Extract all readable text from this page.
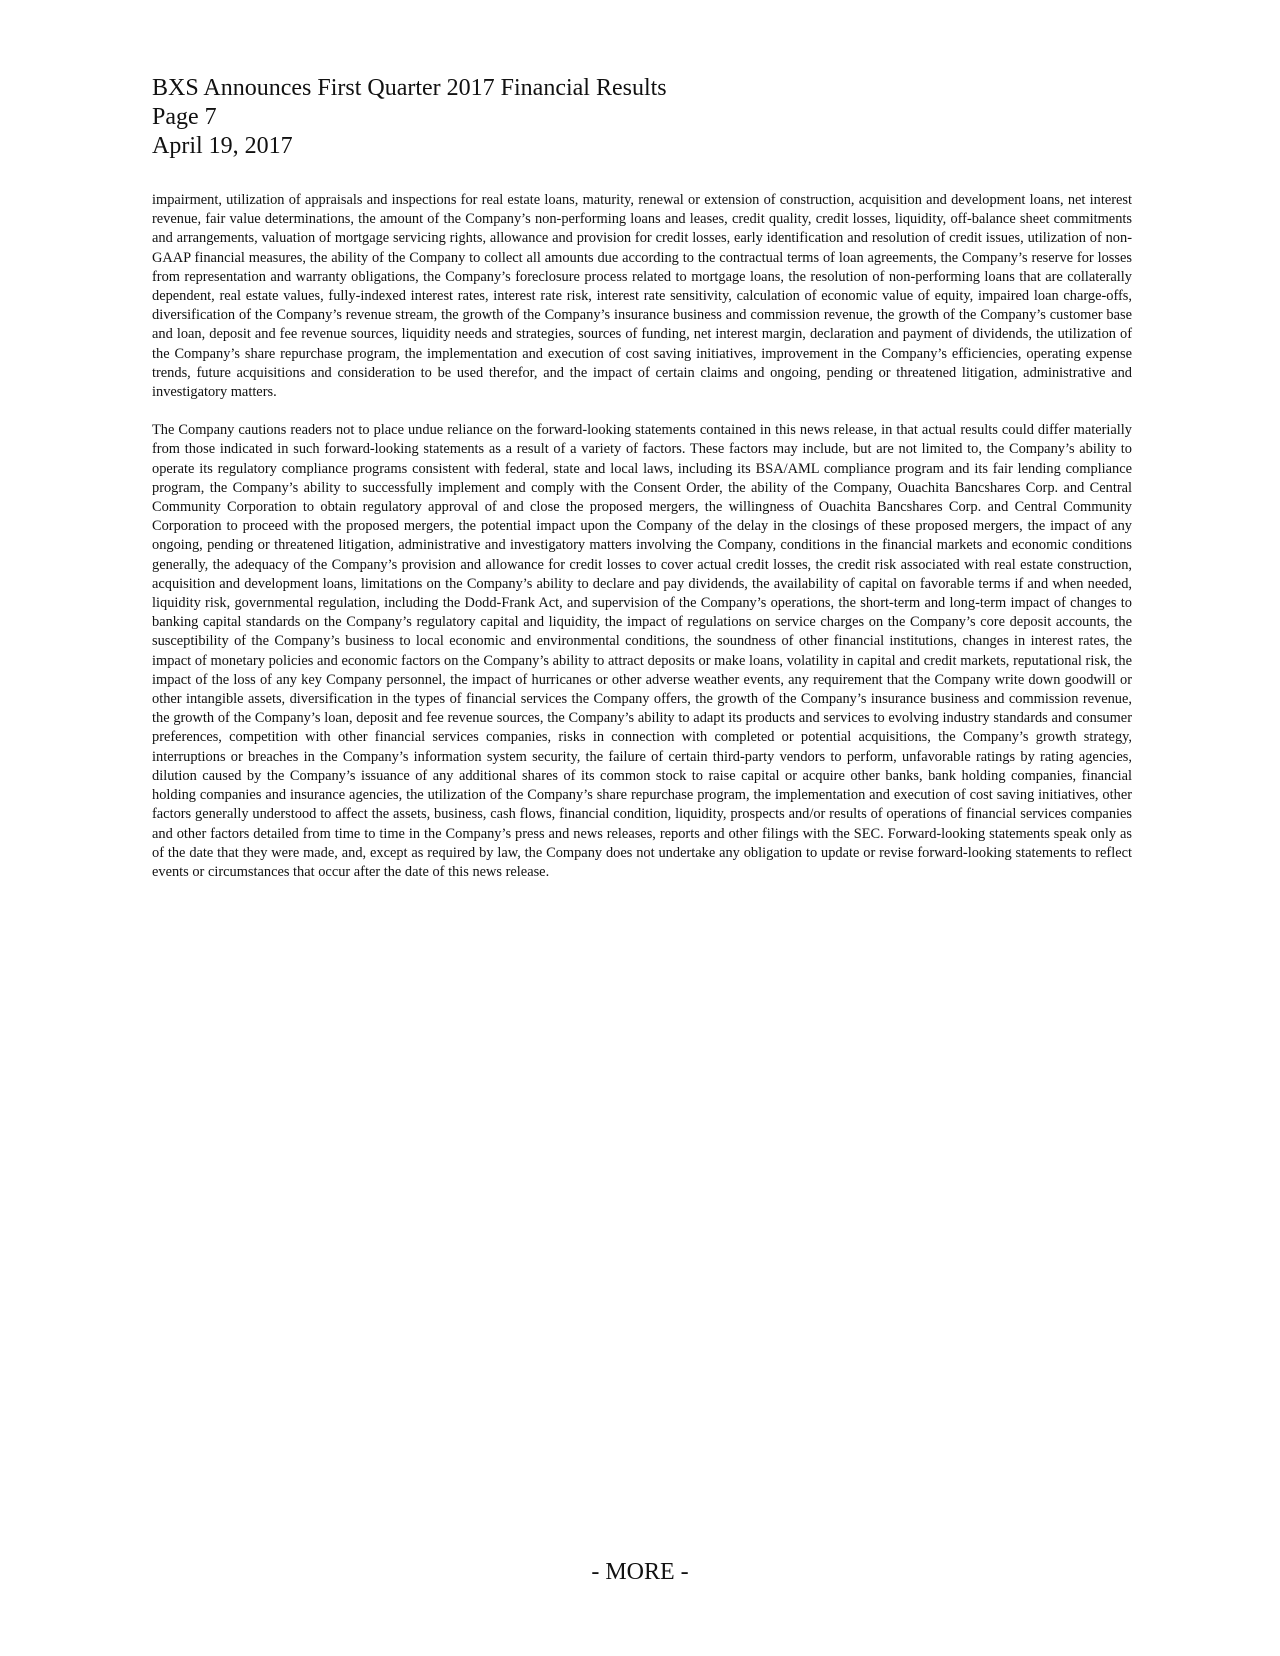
BXS Announces First Quarter 2017 Financial Results

Page 7

April 19, 2017

impairment, utilization of appraisals and inspections for real estate loans, maturity, renewal or extension of construction, acquisition and development loans, net interest revenue, fair value determinations, the amount of the Company’s non-performing loans and leases, credit quality, credit losses, liquidity, off-balance sheet commitments and arrangements, valuation of mortgage servicing rights, allowance and provision for credit losses, early identification and resolution of credit issues, utilization of non-GAAP financial measures, the ability of the Company to collect all amounts due according to the contractual terms of loan agreements, the Company’s reserve for losses from representation and warranty obligations, the Company’s foreclosure process related to mortgage loans, the resolution of non-performing loans that are collaterally dependent, real estate values, fully-indexed interest rates, interest rate risk, interest rate sensitivity, calculation of economic value of equity, impaired loan charge-offs, diversification of the Company’s revenue stream, the growth of the Company’s insurance business and commission revenue, the growth of the Company’s customer base and loan, deposit and fee revenue sources, liquidity needs and strategies, sources of funding, net interest margin, declaration and payment of dividends, the utilization of the Company’s share repurchase program, the implementation and execution of cost saving initiatives, improvement in the Company’s efficiencies, operating expense trends, future acquisitions and consideration to be used therefor, and the impact of certain claims and ongoing, pending or threatened litigation, administrative and investigatory matters.

The Company cautions readers not to place undue reliance on the forward-looking statements contained in this news release, in that actual results could differ materially from those indicated in such forward-looking statements as a result of a variety of factors. These factors may include, but are not limited to, the Company’s ability to operate its regulatory compliance programs consistent with federal, state and local laws, including its BSA/AML compliance program and its fair lending compliance program, the Company’s ability to successfully implement and comply with the Consent Order, the ability of the Company, Ouachita Bancshares Corp. and Central Community Corporation to obtain regulatory approval of and close the proposed mergers, the willingness of Ouachita Bancshares Corp. and Central Community Corporation to proceed with the proposed mergers, the potential impact upon the Company of the delay in the closings of these proposed mergers, the impact of any ongoing, pending or threatened litigation, administrative and investigatory matters involving the Company, conditions in the financial markets and economic conditions generally, the adequacy of the Company’s provision and allowance for credit losses to cover actual credit losses, the credit risk associated with real estate construction, acquisition and development loans, limitations on the Company’s ability to declare and pay dividends, the availability of capital on favorable terms if and when needed, liquidity risk, governmental regulation, including the Dodd-Frank Act, and supervision of the Company’s operations, the short-term and long-term impact of changes to banking capital standards on the Company’s regulatory capital and liquidity, the impact of regulations on service charges on the Company’s core deposit accounts, the susceptibility of the Company’s business to local economic and environmental conditions, the soundness of other financial institutions, changes in interest rates, the impact of monetary policies and economic factors on the Company’s ability to attract deposits or make loans, volatility in capital and credit markets, reputational risk, the impact of the loss of any key Company personnel, the impact of hurricanes or other adverse weather events, any requirement that the Company write down goodwill or other intangible assets, diversification in the types of financial services the Company offers, the growth of the Company’s insurance business and commission revenue, the growth of the Company’s loan, deposit and fee revenue sources, the Company’s ability to adapt its products and services to evolving industry standards and consumer preferences, competition with other financial services companies, risks in connection with completed or potential acquisitions, the Company’s growth strategy, interruptions or breaches in the Company’s information system security, the failure of certain third-party vendors to perform, unfavorable ratings by rating agencies, dilution caused by the Company’s issuance of any additional shares of its common stock to raise capital or acquire other banks, bank holding companies, financial holding companies and insurance agencies, the utilization of the Company’s share repurchase program, the implementation and execution of cost saving initiatives, other factors generally understood to affect the assets, business, cash flows, financial condition, liquidity, prospects and/or results of operations of financial services companies and other factors detailed from time to time in the Company’s press and news releases, reports and other filings with the SEC. Forward-looking statements speak only as of the date that they were made, and, except as required by law, the Company does not undertake any obligation to update or revise forward-looking statements to reflect events or circumstances that occur after the date of this news release.

- MORE -
